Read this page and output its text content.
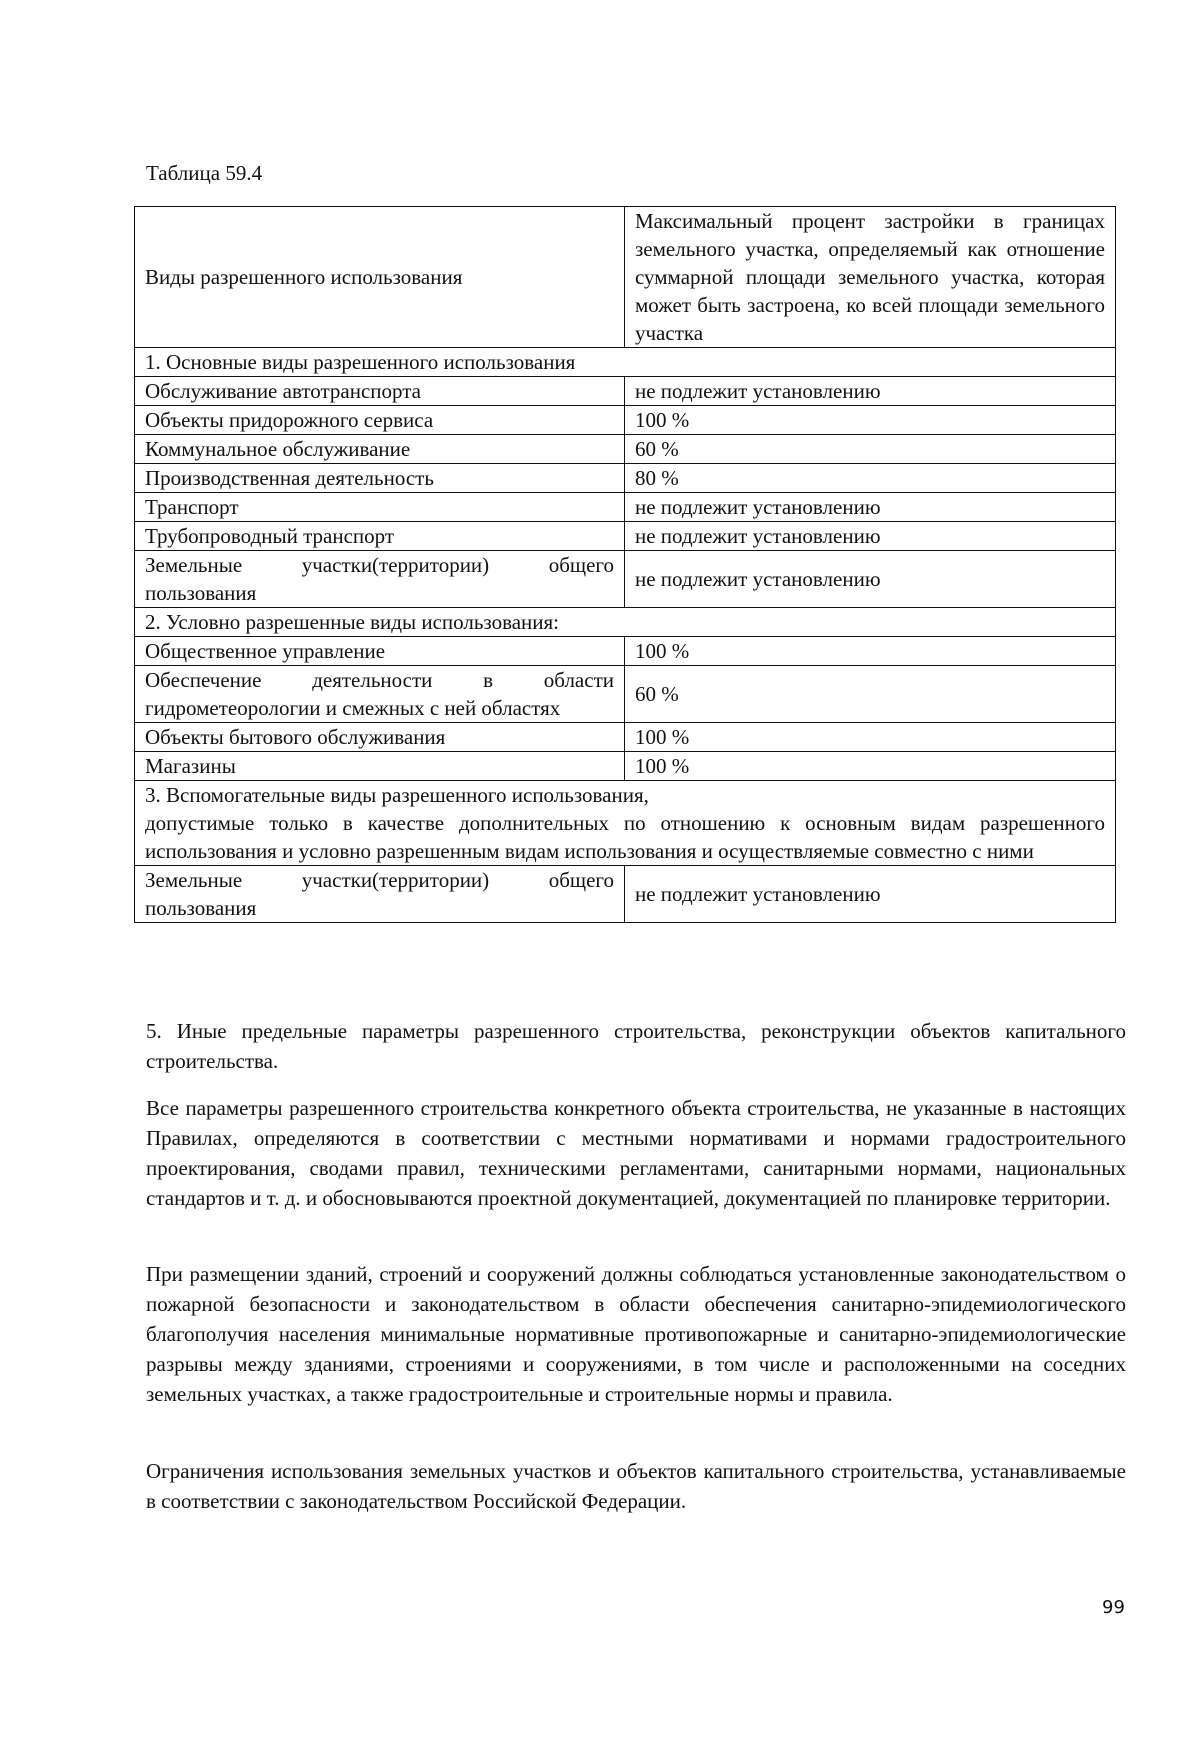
Таблица 59.4
Виды разрешенного использования	Максимальный процент застройки в границах земельного участка, определяемый как отношение суммарной площади земельного участка, которая может быть застроена, ко всей площади земельного участка
1. Основные виды разрешенного использования	
Обслуживание автотранспорта	не подлежит установлению
Объекты придорожного сервиса	100 %
Коммунальное обслуживание	60 %
Производственная деятельность	80 %
Транспорт	не подлежит установлению
Трубопроводный транспорт	не подлежит установлению
Земельные участки(территории) общего пользования	не подлежит установлению
2. Условно разрешенные виды использования:	
Общественное управление	100 %
Обеспечение деятельности в области гидрометеорологии и смежных с ней областях	60 %
Объекты бытового обслуживания	100 %
Магазины	100 %

3. Вспомогательные виды разрешенного использования,
допустимые только в качестве дополнительных по отношению к основным видам разрешенного использования и условно разрешенным видам использования и осуществляемые совместно с ними	

Земельные участки(территории) общего пользования	не подлежит установлению

5. Иные предельные параметры разрешенного строительства, реконструкции объектов капитального строительства.

Все параметры разрешенного строительства конкретного объекта строительства, не указанные в настоящих Правилах, определяются в соответствии с местными нормативами и нормами градостроительного проектирования, сводами правил, техническими регламентами, санитарными нормами, национальных стандартов и т. д. и обосновываются проектной документацией, документацией по планировке территории.

При размещении зданий, строений и сооружений должны соблюдаться установленные законодательством о пожарной безопасности и законодательством в области обеспечения санитарно-эпидемиологического благополучия населения минимальные нормативные противопожарные и санитарно-эпидемиологические разрывы между зданиями, строениями и сооружениями, в том числе и расположенными на соседних земельных участках, а также градостроительные и строительные нормы и правила.

Ограничения использования земельных участков и объектов капитального строительства, устанавливаемые в соответствии с законодательством Российской Федерации.

99
